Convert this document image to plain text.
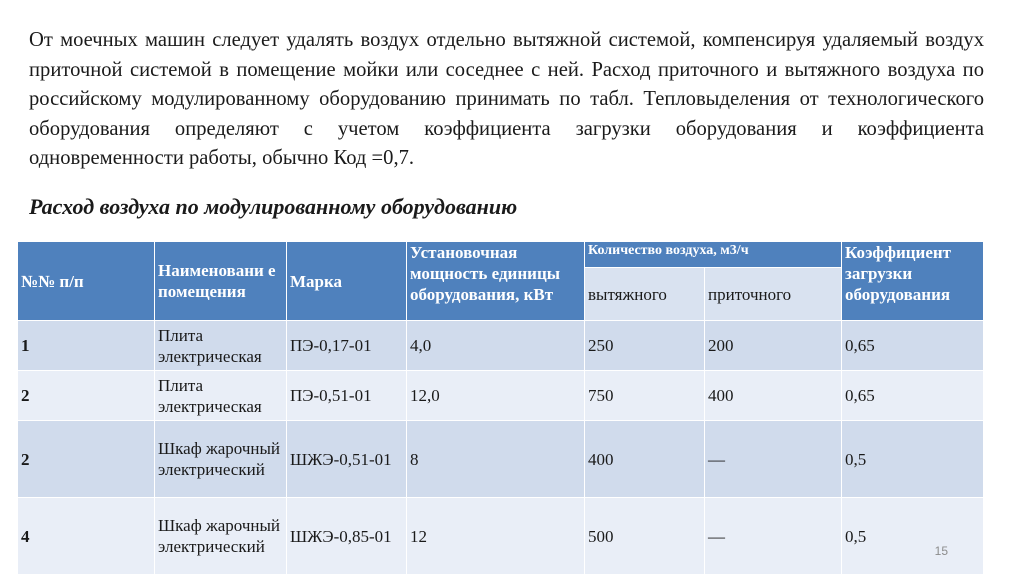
От моечных машин следует удалять воздух отдельно вытяжной системой, компенсируя удаляемый воздух приточной системой в помещение мойки или соседнее с ней. Расход приточного и вытяжного воздуха по российскому модулированному оборудованию принимать по табл. Тепловыделения от технологического оборудования определяют с учетом коэффициента загрузки оборудования и коэффициента одновременности работы, обычно Код =0,7.

Расход воздуха по модулированному оборудованию
№№ п/п	Наименовани е помещения	Марка	Установочная мощность единицы оборудования, кВт	Количество воздуха, м3/ч		Коэффициент загрузки оборудования
				вытяжного	приточного	
1	Плита электрическая	ПЭ-0,17-01	4,0	250	200	0,65
2	Плита электрическая	ПЭ-0,51-01	12,0	750	400	0,65
2	Шкаф жарочный электрический	ШЖЭ-0,51-01	8	400	—	0,5
4	Шкаф жарочный электрический	ШЖЭ-0,85-01	12	500	—	0,5
15
